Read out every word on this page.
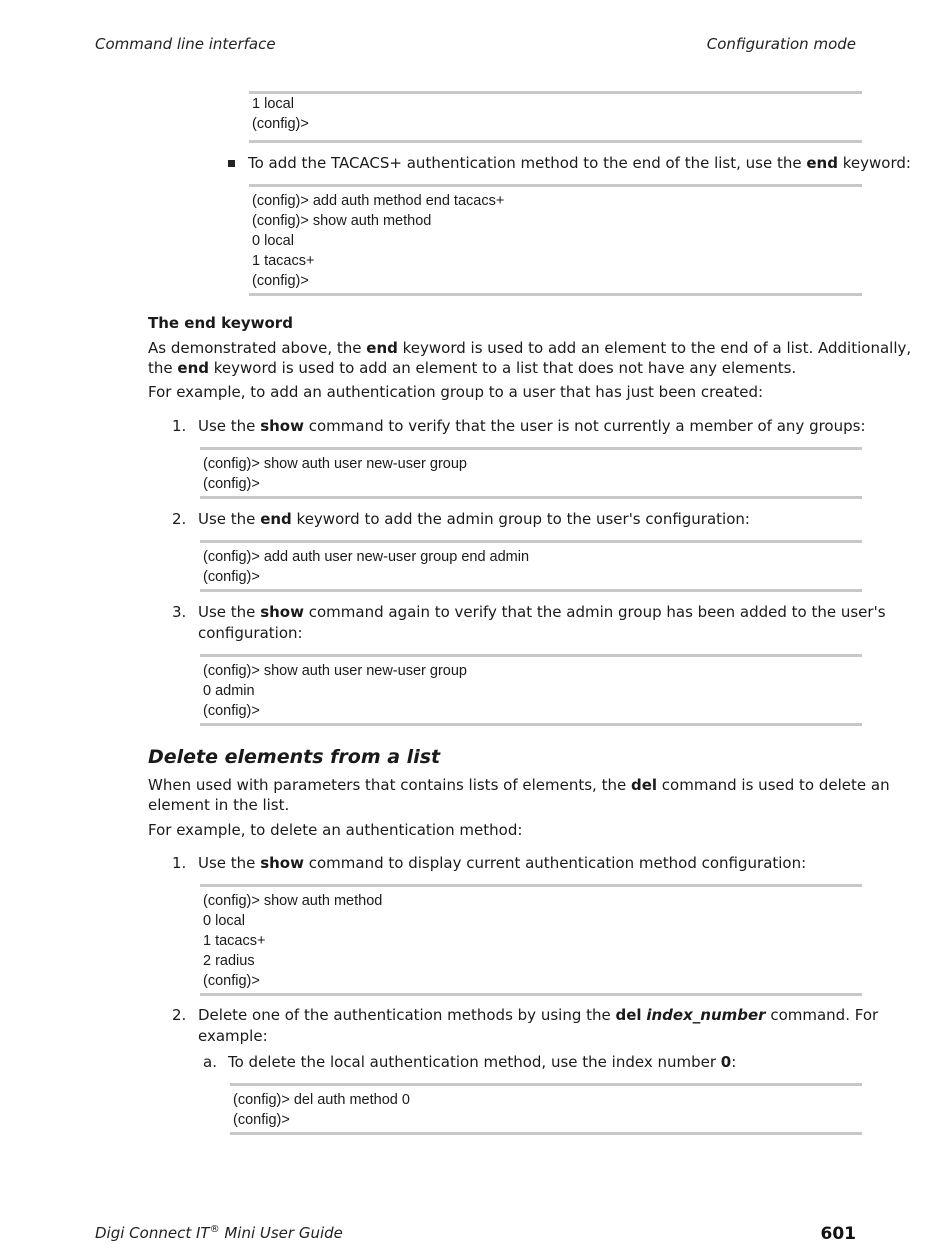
Command line interface	Configuration mode
1 local
(config)>
To add the TACACS+ authentication method to the end of the list, use the end keyword:
(config)> add auth method end tacacs+
(config)> show auth method
0 local
1 tacacs+
(config)>
The end keyword
As demonstrated above, the end keyword is used to add an element to the end of a list. Additionally,
the end keyword is used to add an element to a list that does not have any elements.
For example, to add an authentication group to a user that has just been created:
1. Use the show command to verify that the user is not currently a member of any groups:
(config)> show auth user new-user group
(config)>
2. Use the end keyword to add the admin group to the user's configuration:
(config)> add auth user new-user group end admin
(config)>
3. Use the show command again to verify that the admin group has been added to the user's
configuration:
(config)> show auth user new-user group
0 admin
(config)>
Delete elements from a list
When used with parameters that contains lists of elements, the del command is used to delete an
element in the list.
For example, to delete an authentication method:
1. Use the show command to display current authentication method configuration:
(config)> show auth method
0 local
1 tacacs+
2 radius
(config)>
2. Delete one of the authentication methods by using the del index_number command. For
example:
a. To delete the local authentication method, use the index number 0:
(config)> del auth method 0
(config)>
Digi Connect IT® Mini User Guide	601
